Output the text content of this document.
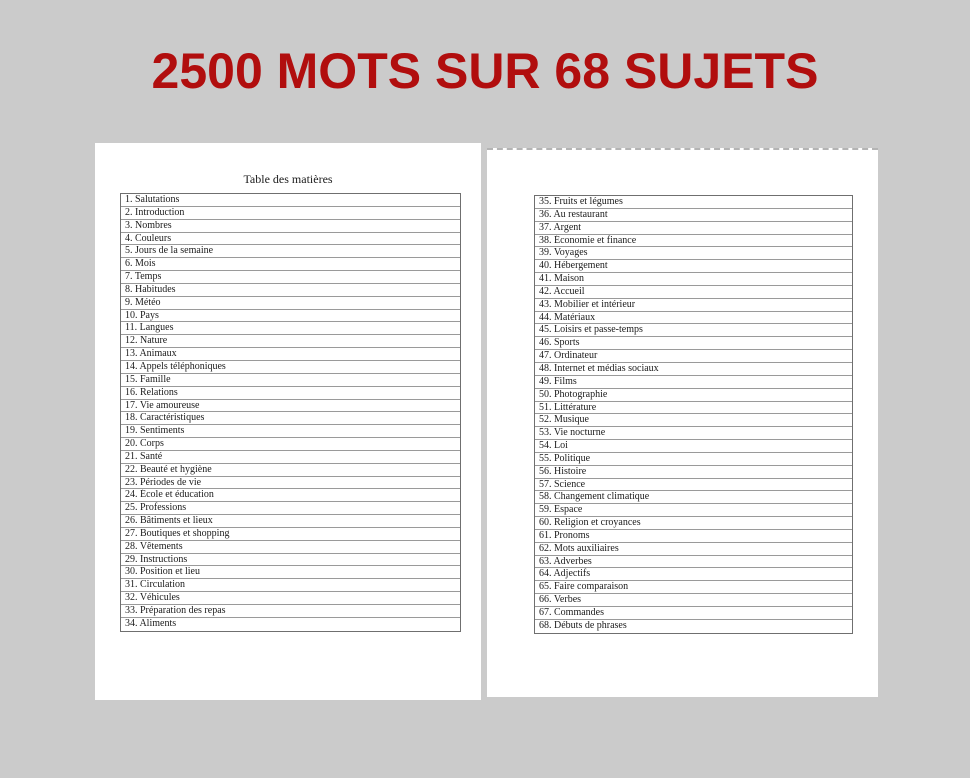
2500 MOTS SUR 68 SUJETS
Table des matières
1. Salutations
2. Introduction
3. Nombres
4. Couleurs
5. Jours de la semaine
6. Mois
7. Temps
8. Habitudes
9. Météo
10. Pays
11. Langues
12. Nature
13. Animaux
14. Appels téléphoniques
15. Famille
16. Relations
17. Vie amoureuse
18. Caractéristiques
19. Sentiments
20. Corps
21. Santé
22. Beauté et hygiène
23. Périodes de vie
24. École et éducation
25. Professions
26. Bâtiments et lieux
27. Boutiques et shopping
28. Vêtements
29. Instructions
30. Position et lieu
31. Circulation
32. Véhicules
33. Préparation des repas
34. Aliments
35. Fruits et légumes
36. Au restaurant
37. Argent
38. Économie et finance
39. Voyages
40. Hébergement
41. Maison
42. Accueil
43. Mobilier et intérieur
44. Matériaux
45. Loisirs et passe-temps
46. Sports
47. Ordinateur
48. Internet et médias sociaux
49. Films
50. Photographie
51. Littérature
52. Musique
53. Vie nocturne
54. Loi
55. Politique
56. Histoire
57. Science
58. Changement climatique
59. Espace
60. Religion et croyances
61. Pronoms
62. Mots auxiliaires
63. Adverbes
64. Adjectifs
65. Faire comparaison
66. Verbes
67. Commandes
68. Débuts de phrases
